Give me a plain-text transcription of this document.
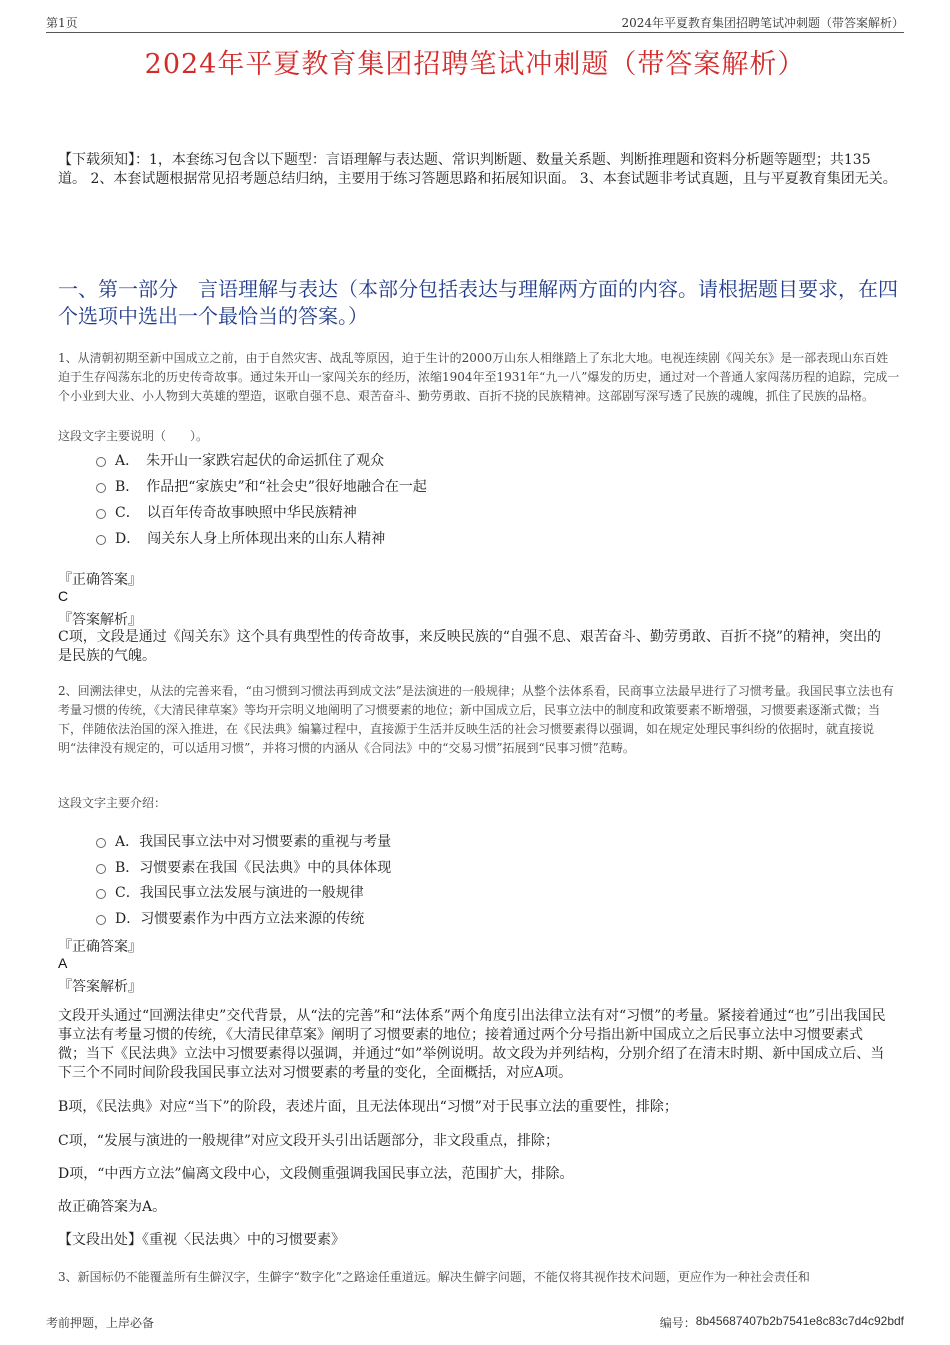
第1页	2024年平夏教育集团招聘笔试冲刺题（带答案解析）
2024年平夏教育集团招聘笔试冲刺题（带答案解析）
【下载须知】：1，本套练习包含以下题型：言语理解与表达题、常识判断题、数量关系题、判断推理题和资料分析题等题型；共135道。 2、本套试题根据常见招考题总结归纳，主要用于练习答题思路和拓展知识面。 3、本套试题非考试真题，且与平夏教育集团无关。
一、第一部分　言语理解与表达（本部分包括表达与理解两方面的内容。请根据题目要求，在四个选项中选出一个最恰当的答案。）
1、从清朝初期至新中国成立之前，由于自然灾害、战乱等原因，迫于生计的2000万山东人相继踏上了东北大地。电视连续剧《闯关东》是一部表现山东百姓迫于生存闯荡东北的历史传奇故事。通过朱开山一家闯关东的经历，浓缩1904年至1931年“九一八”爆发的历史，通过对一个普通人家闯荡历程的追踪，完成一个小业到大业、小人物到大英雄的塑造，讴歌自强不息、艰苦奋斗、勤劳勇敢、百折不挠的民族精神。这部剧写深写透了民族的魂魄，抓住了民族的品格。
这段文字主要说明（　　）。
A．　朱开山一家跌宕起伏的命运抓住了观众
B．　作品把“家族史”和“社会史”很好地融合在一起
C．　以百年传奇故事映照中华民族精神
D．　闯关东人身上所体现出来的山东人精神
『正确答案』
C
『答案解析』
C项，文段是通过《闯关东》这个具有典型性的传奇故事，来反映民族的“自强不息、艰苦奋斗、勤劳勇敢、百折不挠”的精神，突出的是民族的气魄。
2、回溯法律史，从法的完善来看，“由习惯到习惯法再到成文法”是法演进的一般规律；从整个法体系看，民商事立法最早进行了习惯考量。我国民事立法也有考量习惯的传统，《大清民律草案》等均开宗明义地阐明了习惯要素的地位；新中国成立后，民事立法中的制度和政策要素不断增强，习惯要素逐渐式微；当下，伴随依法治国的深入推进，在《民法典》编纂过程中，直接源于生活并反映生活的社会习惯要素得以强调，如在规定处理民事纠纷的依据时，就直接说明“法律没有规定的，可以适用习惯”，并将习惯的内涵从《合同法》中的“交易习惯”拓展到“民事习惯”范畴。
这段文字主要介绍：
A．我国民事立法中对习惯要素的重视与考量
B．习惯要素在我国《民法典》中的具体体现
C．我国民事立法发展与演进的一般规律
D．习惯要素作为中西方立法来源的传统
『正确答案』
A
『答案解析』
文段开头通过“回溯法律史”交代背景，从“法的完善”和“法体系”两个角度引出法律立法有对“习惯”的考量。紧接着通过“也”引出我国民事立法有考量习惯的传统，《大清民律草案》阐明了习惯要素的地位；接着通过两个分号指出新中国成立之后民事立法中习惯要素式微；当下《民法典》立法中习惯要素得以强调，并通过“如”举例说明。故文段为并列结构，分别介绍了在清末时期、新中国成立后、当下三个不同时间阶段我国民事立法对习惯要素的考量的变化，全面概括，对应A项。
B项，《民法典》对应“当下”的阶段，表述片面，且无法体现出“习惯”对于民事立法的重要性，排除；
C项，“发展与演进的一般规律”对应文段开头引出话题部分，非文段重点，排除；
D项，“中西方立法”偏离文段中心，文段侧重强调我国民事立法，范围扩大，排除。
故正确答案为A。
【文段出处】《重视〈民法典〉中的习惯要素》
3、新国标仍不能覆盖所有生僻汉字，生僻字“数字化”之路途任重道远。解决生僻字问题，不能仅将其视作技术问题，更应作为一种社会责任和
考前押题，上岸必备	编号： 8b45687407b2b7541e8c83c7d4c92bdf
